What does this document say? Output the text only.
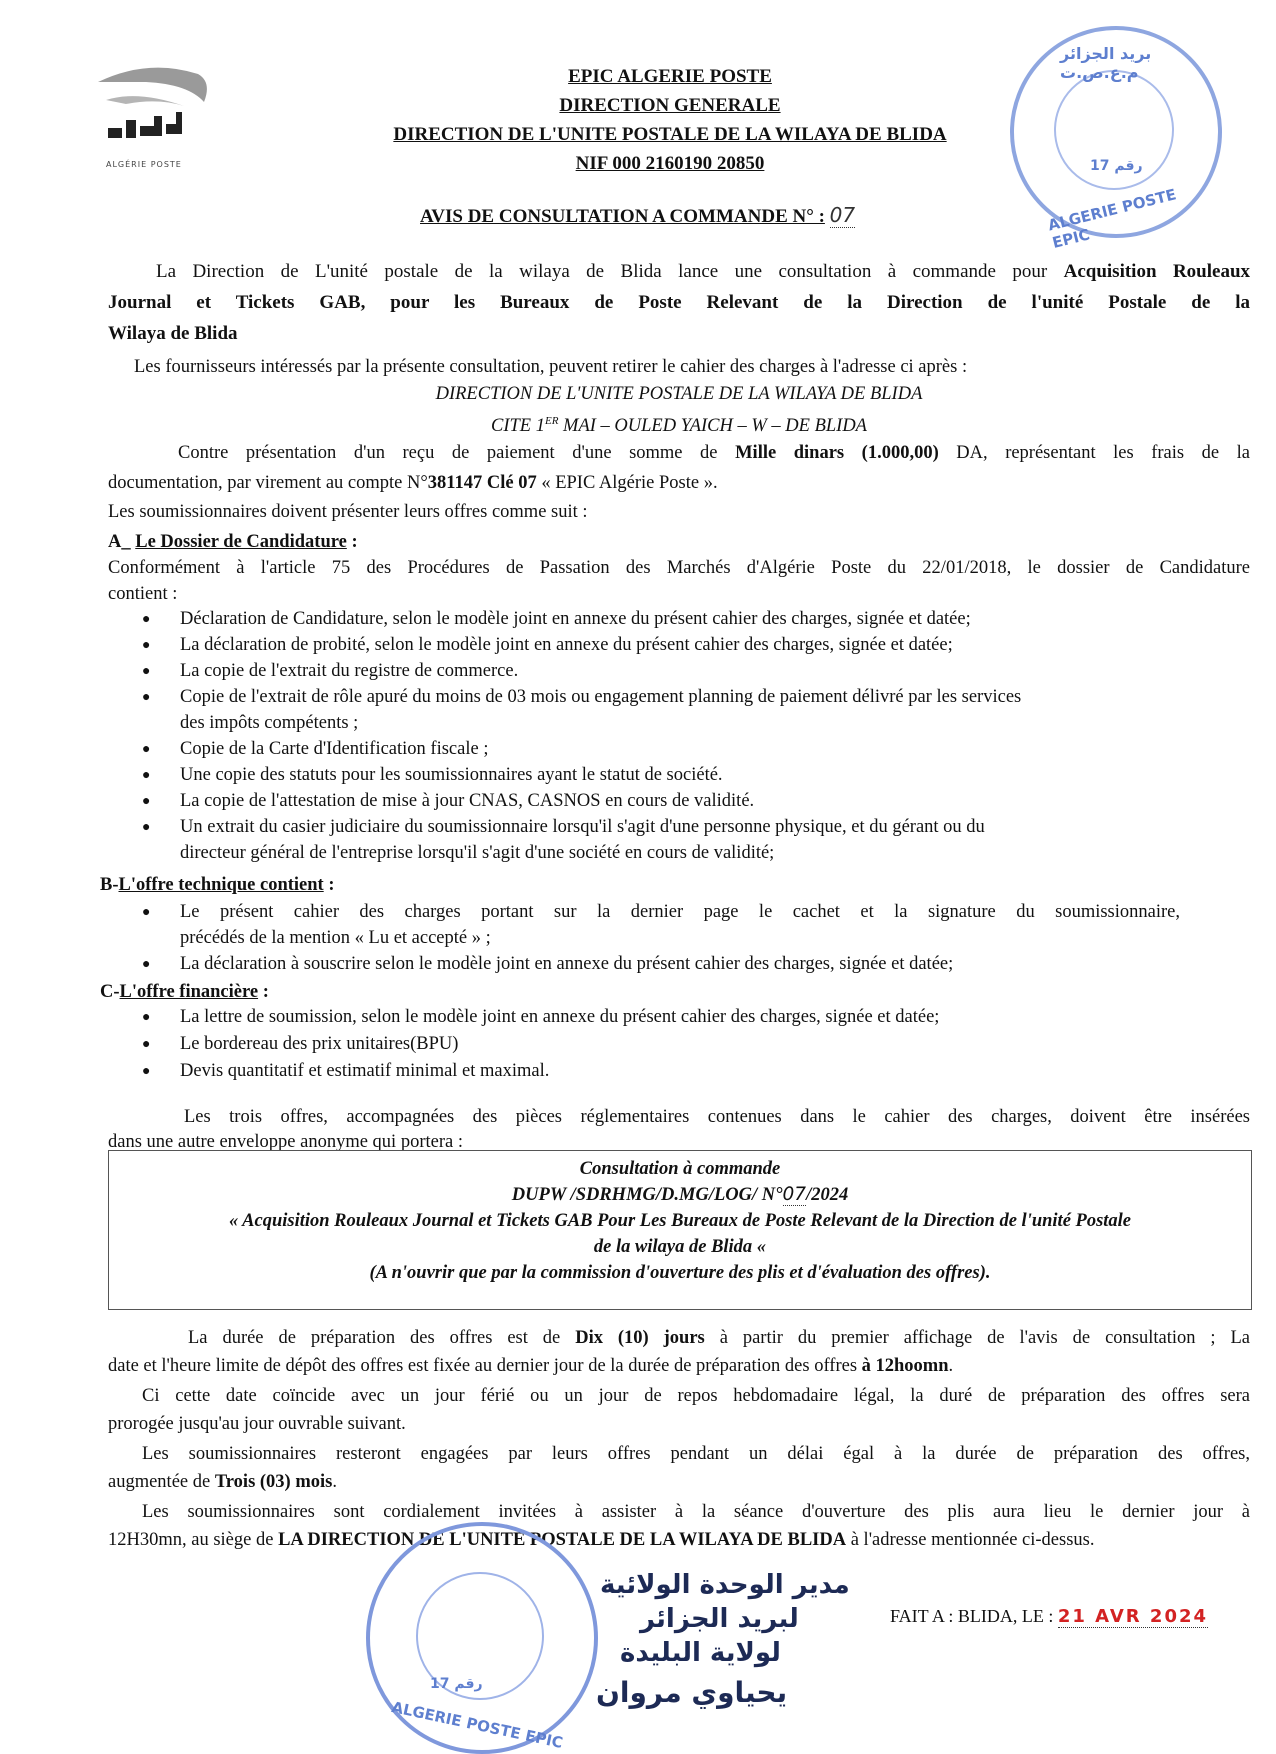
ALGÉRIE POSTE
EPIC ALGERIE POSTE
DIRECTION GENERALE
DIRECTION DE L'UNITE POSTALE DE LA WILAYA DE BLIDA
NIF 000 2160190 20850
AVIS DE CONSULTATION A COMMANDE N° : 07
بريد الجزائر م.ع.ص.ت
رقم 17
ALGERIE POSTE EPIC
La Direction de L'unité postale de la wilaya de Blida lance une consultation à commande pour Acquisition Rouleaux
Journal et Tickets GAB, pour les Bureaux de Poste Relevant de la Direction de l'unité Postale de la
Wilaya de Blida
Les fournisseurs intéressés par la présente consultation, peuvent retirer le cahier des charges à l'adresse ci après :
DIRECTION DE L'UNITE POSTALE DE LA WILAYA DE BLIDA
CITE 1ER MAI – OULED YAICH – W – DE BLIDA
Contre présentation d'un reçu de paiement d'une somme de Mille dinars (1.000,00) DA, représentant les frais de la
documentation, par virement au compte N°381147 Clé 07 « EPIC Algérie Poste ».
Les soumissionnaires doivent présenter leurs offres comme suit :
A_ Le Dossier de Candidature :
Conformément à l'article 75 des Procédures de Passation des Marchés d'Algérie Poste du 22/01/2018, le dossier de Candidature
contient :
● Déclaration de Candidature, selon le modèle joint en annexe du présent cahier des charges, signée et datée;
● La déclaration de probité, selon le modèle joint en annexe du présent cahier des charges, signée et datée;
● La copie de l'extrait du registre de commerce.
● Copie de l'extrait de rôle apuré du moins de 03 mois ou engagement planning de paiement délivré par les services
des impôts compétents ;
● Copie de la Carte d'Identification fiscale ;
● Une copie des statuts pour les soumissionnaires ayant le statut de société.
● La copie de l'attestation de mise à jour CNAS, CASNOS en cours de validité.
● Un extrait du casier judiciaire du soumissionnaire lorsqu'il s'agit d'une personne physique, et du gérant ou du
directeur général de l'entreprise lorsqu'il s'agit d'une société en cours de validité;
B-L'offre technique contient :
● Le présent cahier des charges portant sur la dernier page le cachet et la signature du soumissionnaire,
précédés de la mention « Lu et accepté » ;
● La déclaration à souscrire selon le modèle joint en annexe du présent cahier des charges, signée et datée;
C-L'offre financière :
● La lettre de soumission, selon le modèle joint en annexe du présent cahier des charges, signée et datée;
● Le bordereau des prix unitaires(BPU)
● Devis quantitatif et estimatif minimal et maximal.
Les trois offres, accompagnées des pièces réglementaires contenues dans le cahier des charges, doivent être insérées
dans une autre enveloppe anonyme qui portera :
Consultation à commande
DUPW /SDRHMG/D.MG/LOG/ N°07/2024
« Acquisition Rouleaux Journal et Tickets GAB Pour Les Bureaux de Poste Relevant de la Direction de l'unité Postale
de la wilaya de Blida «
(A n'ouvrir que par la commission d'ouverture des plis et d'évaluation des offres).
La durée de préparation des offres est de Dix (10) jours à partir du premier affichage de l'avis de consultation ; La
date et l'heure limite de dépôt des offres est fixée au dernier jour de la durée de préparation des offres à 12hoomn.
Ci cette date coïncide avec un jour férié ou un jour de repos hebdomadaire légal, la duré de préparation des offres sera
prorogée jusqu'au jour ouvrable suivant.
Les soumissionnaires resteront engagées par leurs offres pendant un délai égal à la durée de préparation des offres,
augmentée de Trois (03) mois.
Les soumissionnaires sont cordialement invitées à assister à la séance d'ouverture des plis aura lieu le dernier jour à
12H30mn, au siège de LA DIRECTION DE L'UNITE POSTALE DE LA WILAYA DE BLIDA à l'adresse mentionnée ci-dessus.
رقم 17
ALGERIE POSTE EPIC
مدير الوحدة الولائية
لبريد الجزائر
لولاية البليدة
يحياوي مروان
FAIT A : BLIDA, LE : 21 AVR 2024
